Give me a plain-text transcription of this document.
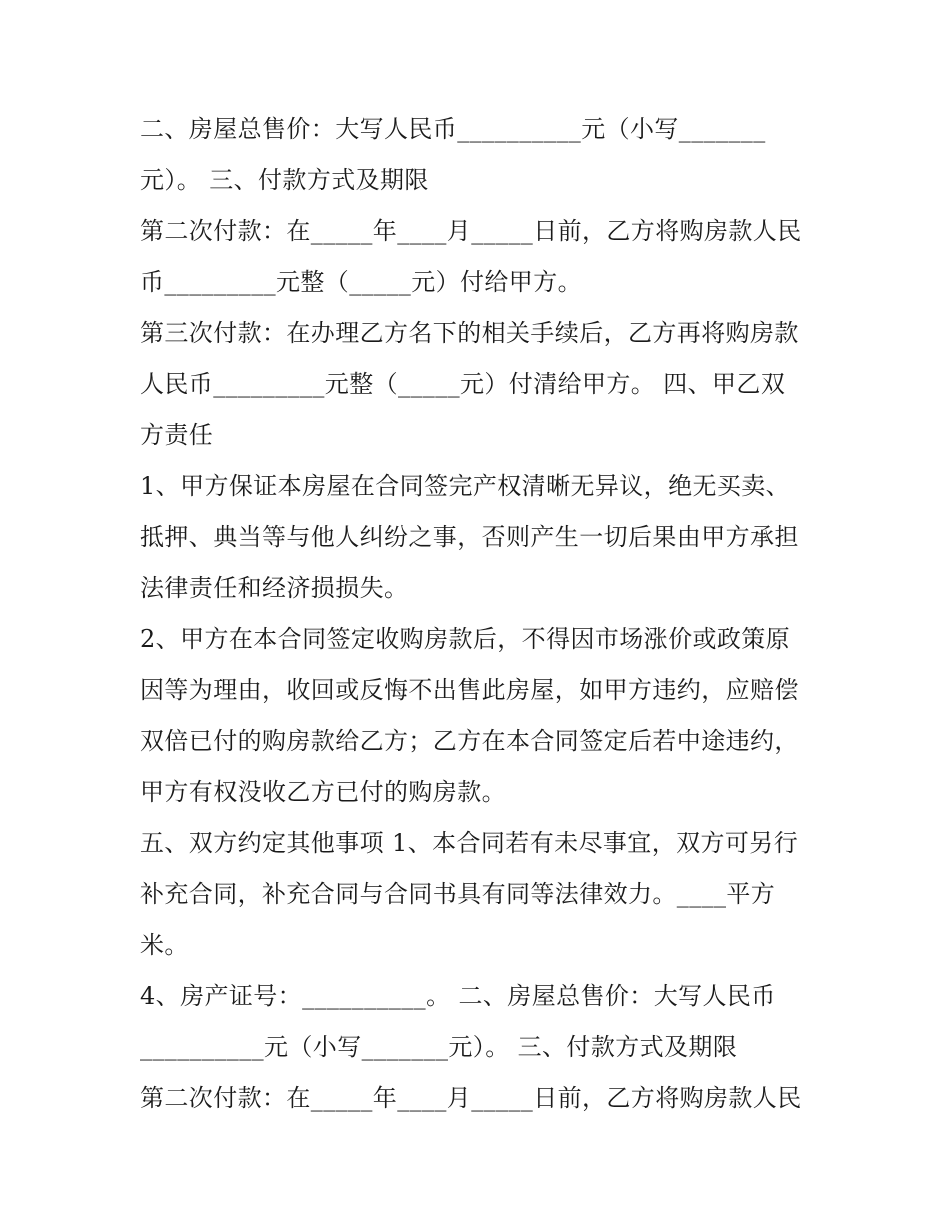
二、房屋总售价：大写人民币__________元（小写_______
元）。 三、付款方式及期限
第二次付款：在_____年____月_____日前，乙方将购房款人民
币_________元整（_____元）付给甲方。
第三次付款：在办理乙方名下的相关手续后，乙方再将购房款
人民币_________元整（_____元）付清给甲方。 四、甲乙双
方责任
1、甲方保证本房屋在合同签完产权清晰无异议，绝无买卖、
抵押、典当等与他人纠纷之事，否则产生一切后果由甲方承担
法律责任和经济损损失。
2、甲方在本合同签定收购房款后，不得因市场涨价或政策原
因等为理由，收回或反悔不出售此房屋，如甲方违约，应赔偿
双倍已付的购房款给乙方；乙方在本合同签定后若中途违约，
甲方有权没收乙方已付的购房款。
五、双方约定其他事项 1、本合同若有未尽事宜，双方可另行
补充合同，补充合同与合同书具有同等法律效力。____平方
米。
4、房产证号：__________。 二、房屋总售价：大写人民币
__________元（小写_______元）。 三、付款方式及期限
第二次付款：在_____年____月_____日前，乙方将购房款人民
